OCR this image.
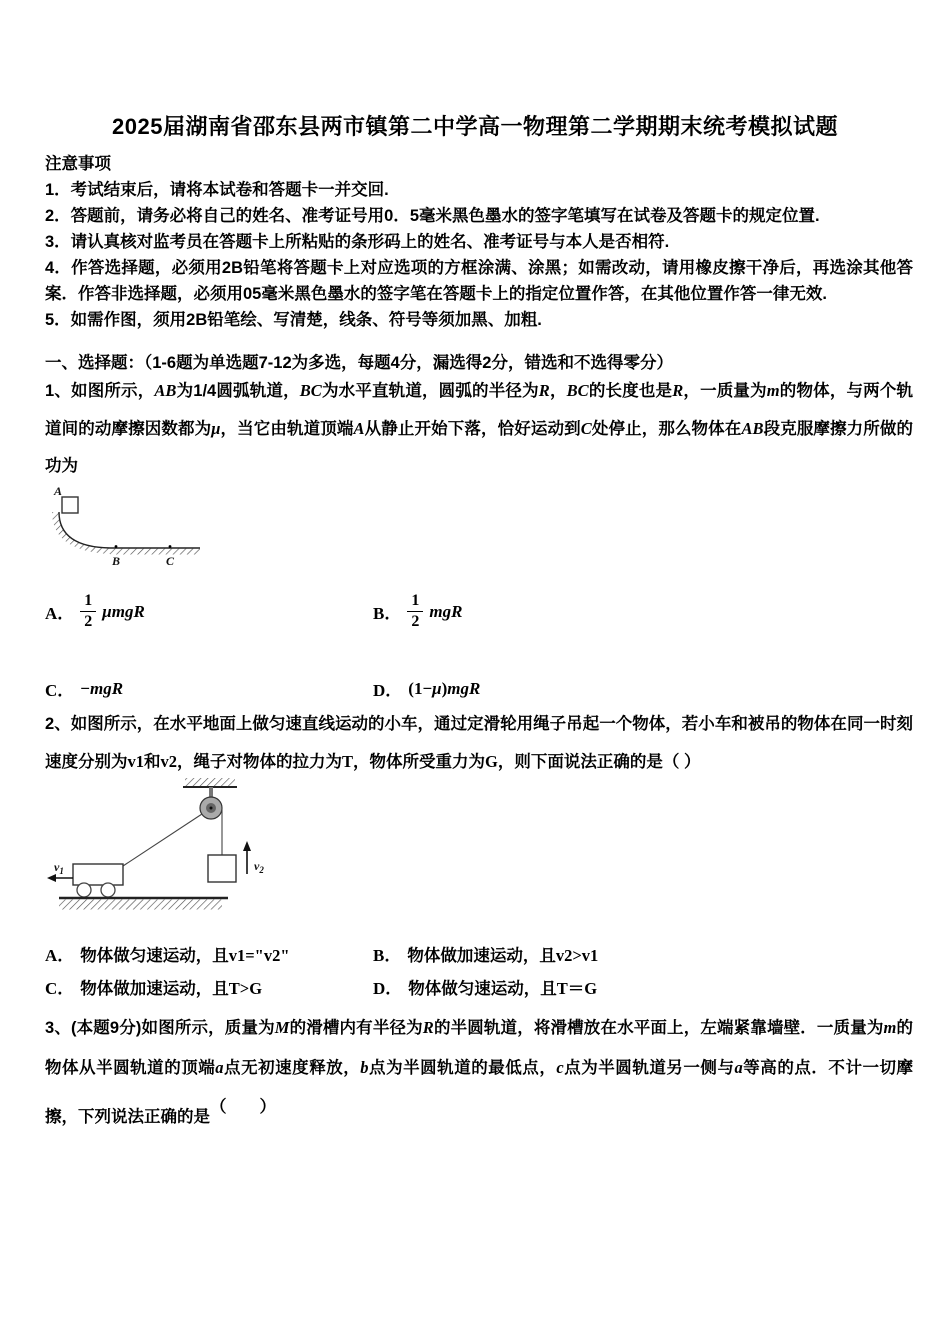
2025届湖南省邵东县两市镇第二中学高一物理第二学期期末统考模拟试题
注意事项
1．考试结束后，请将本试卷和答题卡一并交回.
2．答题前，请务必将自己的姓名、准考证号用0．5毫米黑色墨水的签字笔填写在试卷及答题卡的规定位置.
3．请认真核对监考员在答题卡上所粘贴的条形码上的姓名、准考证号与本人是否相符.
4．作答选择题，必须用2B铅笔将答题卡上对应选项的方框涂满、涂黑；如需改动，请用橡皮擦干净后，再选涂其他答案．作答非选择题，必须用05毫米黑色墨水的签字笔在答题卡上的指定位置作答，在其他位置作答一律无效.
5．如需作图，须用2B铅笔绘、写清楚，线条、符号等须加黑、加粗.
一、选择题：（1-6题为单选题7-12为多选，每题4分，漏选得2分，错选和不选得零分）
1、如图所示，AB为1/4圆弧轨道，BC为水平直轨道，圆弧的半径为R，BC的长度也是R，一质量为m的物体，与两个轨道间的动摩擦因数都为μ，当它由轨道顶端A从静止开始下落，恰好运动到C处停止，那么物体在AB段克服摩擦力所做的功为
A
B	C
A． $\frac{1}{2}$ μmgR	B． $\frac{1}{2}$ mgR
C． −mgR	D． (1−μ)mgR
2、如图所示，在水平地面上做匀速直线运动的小车，通过定滑轮用绳子吊起一个物体，若小车和被吊的物体在同一时刻速度分别为v1和v2，绳子对物体的拉力为T，物体所受重力为G，则下面说法正确的是（ ）
$v_2$
$v_1$
A． 物体做匀速运动，且v1="v2"	B． 物体做加速运动，且v2>v1
C． 物体做加速运动，且T>G	D． 物体做匀速运动，且T＝G
3、(本题9分)如图所示，质量为M的滑槽内有半径为R的半圆轨道，将滑槽放在水平面上，左端紧靠墙壁．一质量为m的物体从半圆轨道的顶端a点无初速度释放，b点为半圆轨道的最低点，c点为半圆轨道另一侧与a等高的点．不计一切摩擦，下列说法正确的是（　　）
